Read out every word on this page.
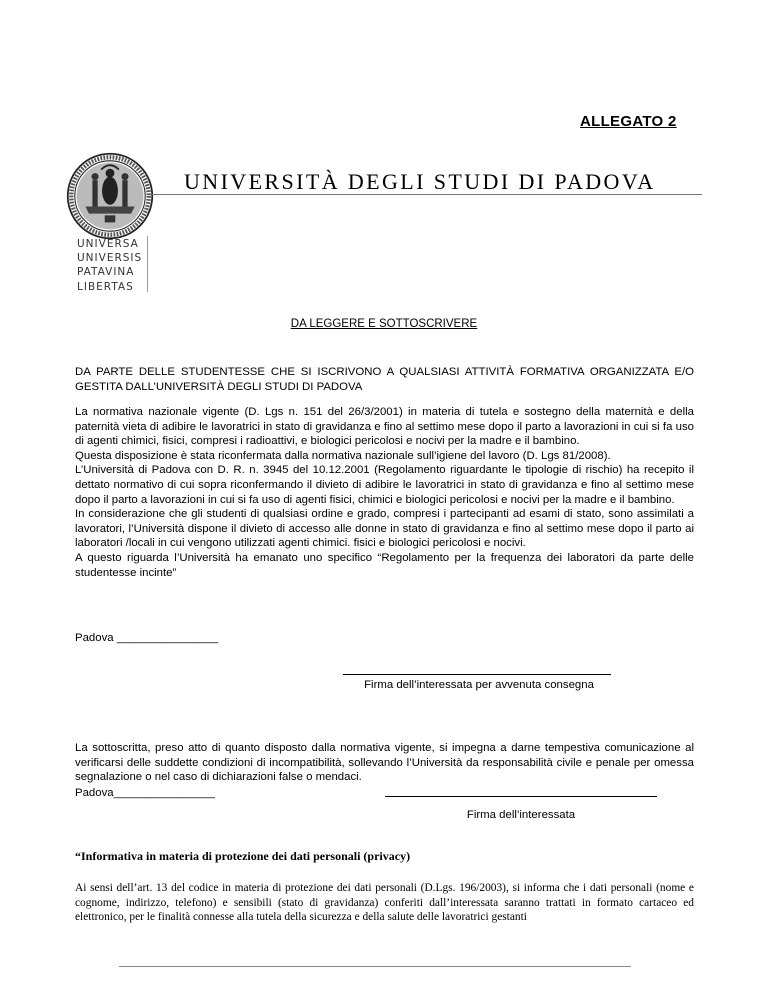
ALLEGATO 2
UNIVERSA
UNIVERSIS
PATAVINA
LIBERTAS
UNIVERSITÀ DEGLI STUDI DI PADOVA
DA LEGGERE E SOTTOSCRIVERE
DA PARTE DELLE STUDENTESSE CHE SI ISCRIVONO A QUALSIASI ATTIVITÀ FORMATIVA ORGANIZZATA E/O GESTITA DALL’UNIVERSITÀ DEGLI STUDI DI PADOVA

La normativa nazionale vigente (D. Lgs n. 151 del 26/3/2001) in materia di tutela e sostegno della maternità e della paternità vieta di adibire le lavoratrici in stato di gravidanza e fino al settimo mese dopo il parto a lavorazioni in cui si fa uso di agenti chimici, fisici, compresi i radioattivi, e biologici pericolosi e nocivi per la madre e il bambino.

Questa disposizione è stata riconfermata dalla normativa nazionale sull’igiene del lavoro (D. Lgs 81/2008).

L’Università di Padova con D. R. n. 3945 del 10.12.2001 (Regolamento riguardante le tipologie di rischio) ha recepito il dettato normativo di cui sopra riconfermando il divieto di adibire le lavoratrici in stato di gravidanza e fino al settimo mese dopo il parto a lavorazioni in cui si fa uso di agenti fisici, chimici e biologici pericolosi e nocivi per la madre e il bambino.

In considerazione che gli studenti di qualsiasi ordine e grado, compresi i partecipanti ad esami di stato, sono assimilati a lavoratori, l’Università dispone il divieto di accesso alle donne in stato di gravidanza e fino al settimo mese dopo il parto ai laboratori /locali in cui vengono utilizzati agenti chimici. fisici e biologici pericolosi e nocivi.

A questo riguarda l’Università ha emanato uno specifico “Regolamento per la frequenza dei laboratori da parte delle studentesse incinte”

Padova ________________
Firma dell’interessata per avvenuta consegna
La sottoscritta, preso atto di quanto disposto dalla normativa vigente, si impegna a darne tempestiva comunicazione al verificarsi delle suddette condizioni di incompatibilità, sollevando l’Università da responsabilità civile e penale per omessa segnalazione o nel caso di dichiarazioni false o mendaci.
Padova________________
Firma dell’interessata
“Informativa in materia di protezione dei dati personali (privacy)
Ai sensi dell’art. 13 del codice in materia di protezione dei dati personali (D.Lgs. 196/2003), si informa che i dati personali (nome e cognome, indirizzo, telefono) e sensibili (stato di gravidanza) conferiti dall’interessata saranno trattati in formato cartaceo ed elettronico, per le finalità connesse alla tutela della sicurezza e della salute delle lavoratrici gestanti
